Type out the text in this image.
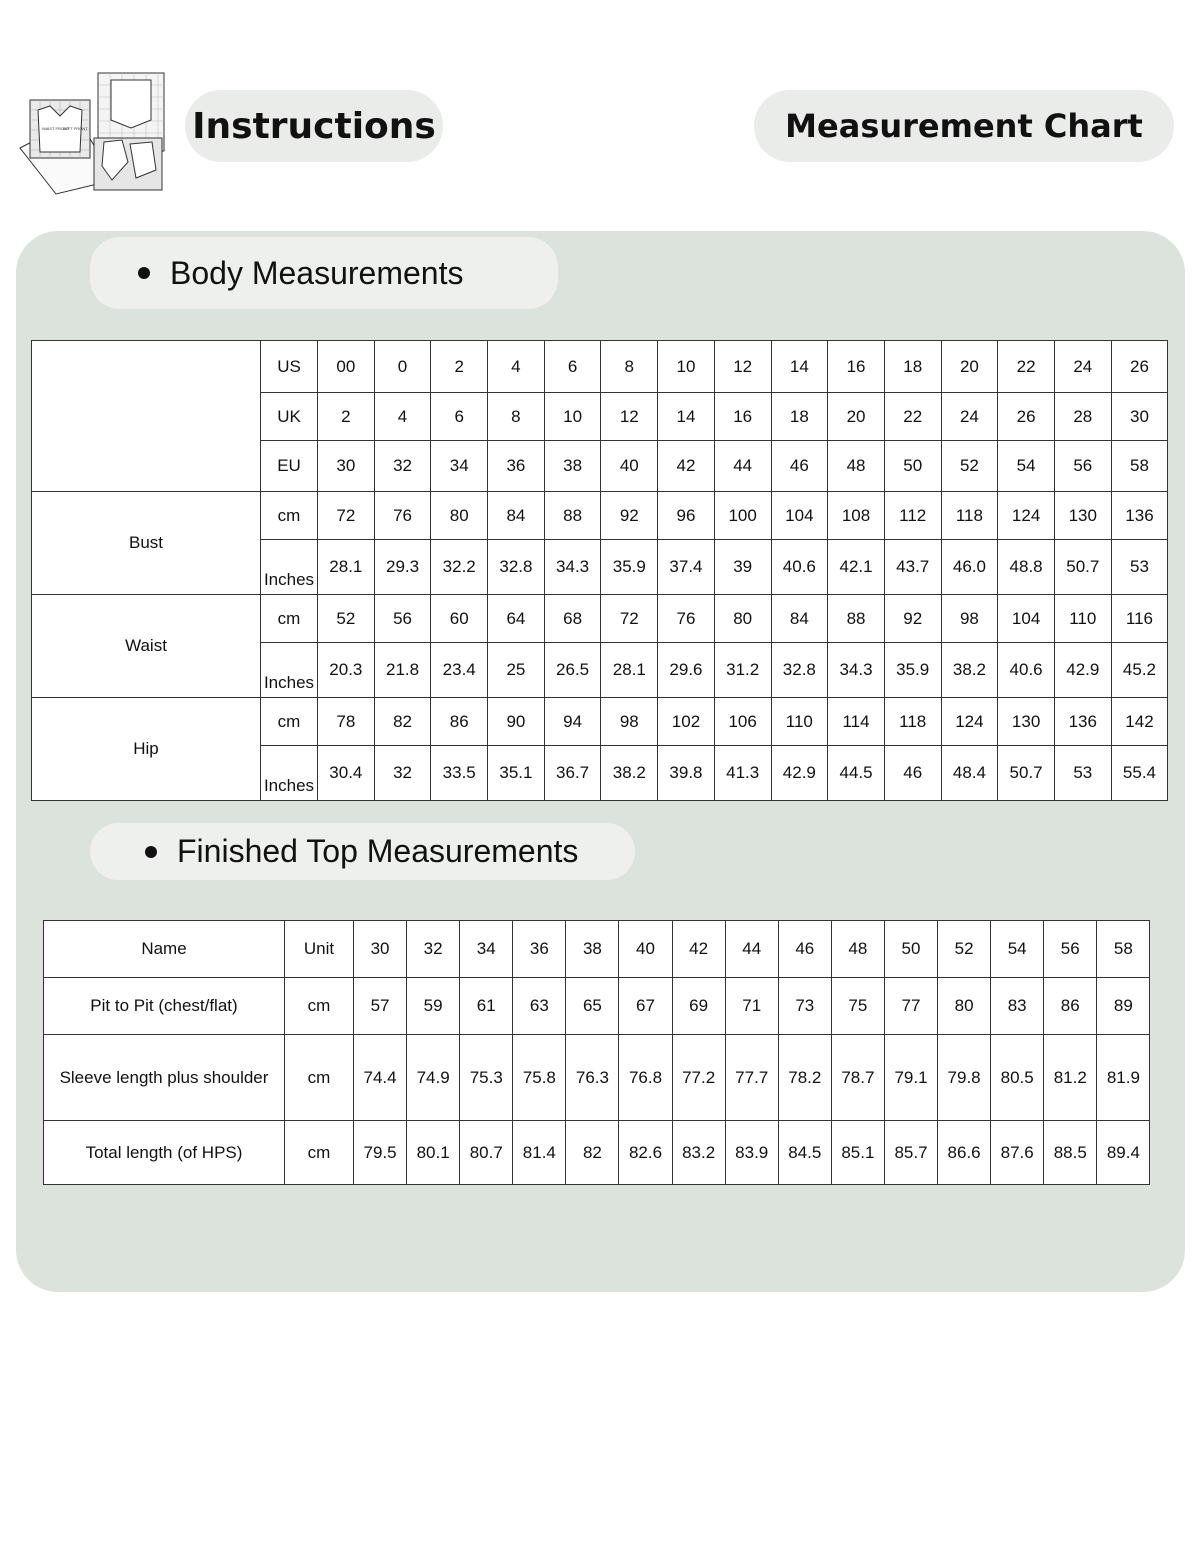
WAIST FRONT
LEFT FRONT	Instructions	Measurement Chart
Body Measurements
	US	00	0	2	4	6	8	10	12	14	16	18	20	22	24	26
	UK	2	4	6	8	10	12	14	16	18	20	22	24	26	28	30
	EU	30	32	34	36	38	40	42	44	46	48	50	52	54	56	58
Bust	cm	72	76	80	84	88	92	96	100	104	108	112	118	124	130	136
	Inches	28.1	29.3	32.2	32.8	34.3	35.9	37.4	39	40.6	42.1	43.7	46.0	48.8	50.7	53
Waist	cm	52	56	60	64	68	72	76	80	84	88	92	98	104	110	116
	Inches	20.3	21.8	23.4	25	26.5	28.1	29.6	31.2	32.8	34.3	35.9	38.2	40.6	42.9	45.2
Hip	cm	78	82	86	90	94	98	102	106	110	114	118	124	130	136	142
	Inches	30.4	32	33.5	35.1	36.7	38.2	39.8	41.3	42.9	44.5	46	48.4	50.7	53	55.4
Finished Top Measurements
Name	Unit	30	32	34	36	38	40	42	44	46	48	50	52	54	56	58
Pit to Pit (chest/flat)	cm	57	59	61	63	65	67	69	71	73	75	77	80	83	86	89
Sleeve length plus shoulder	cm	74.4	74.9	75.3	75.8	76.3	76.8	77.2	77.7	78.2	78.7	79.1	79.8	80.5	81.2	81.9
Total length (of HPS)	cm	79.5	80.1	80.7	81.4	82	82.6	83.2	83.9	84.5	85.1	85.7	86.6	87.6	88.5	89.4
